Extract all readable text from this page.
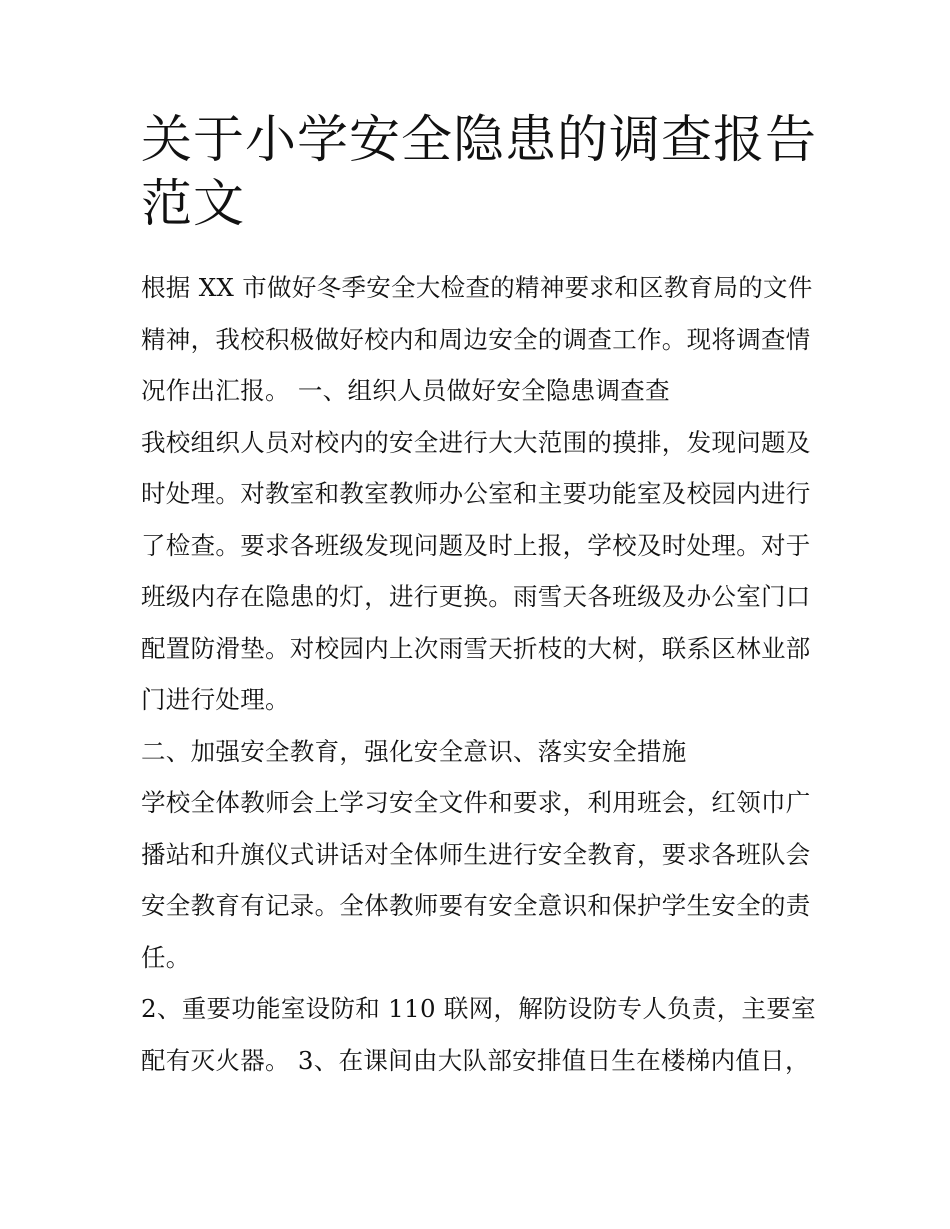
关于小学安全隐患的调查报告
范文
根据 XX 市做好冬季安全大检查的精神要求和区教育局的文件
精神，我校积极做好校内和周边安全的调查工作。现将调查情
况作出汇报。 一、组织人员做好安全隐患调查查
我校组织人员对校内的安全进行大大范围的摸排，发现问题及
时处理。对教室和教室教师办公室和主要功能室及校园内进行
了检查。要求各班级发现问题及时上报，学校及时处理。对于
班级内存在隐患的灯，进行更换。雨雪天各班级及办公室门口
配置防滑垫。对校园内上次雨雪天折枝的大树，联系区林业部
门进行处理。
二、加强安全教育，强化安全意识、落实安全措施
学校全体教师会上学习安全文件和要求，利用班会，红领巾广
播站和升旗仪式讲话对全体师生进行安全教育，要求各班队会
安全教育有记录。全体教师要有安全意识和保护学生安全的责
任。
2、重要功能室设防和 110 联网，解防设防专人负责，主要室
配有灭火器。 3、在课间由大队部安排值日生在楼梯内值日，
